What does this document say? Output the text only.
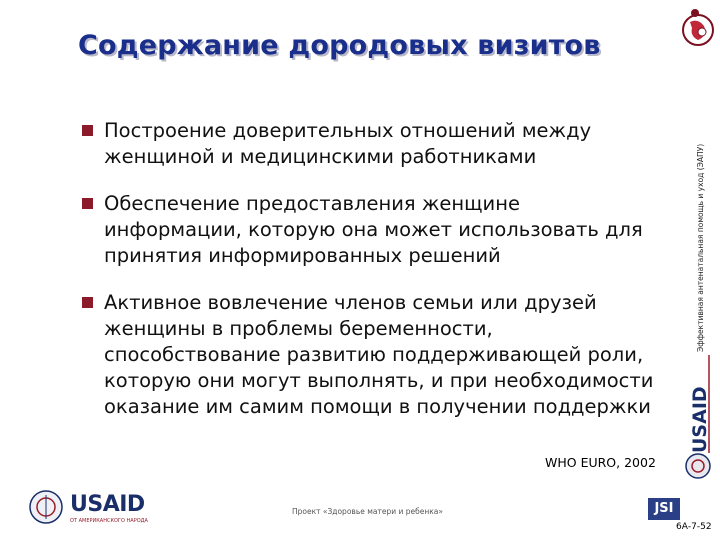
Содержание дородовых визитов
Построение доверительных отношений между женщиной и медицинскими работниками
Обеспечение предоставления женщине информации, которую она может использовать для принятия информированных решений
Активное вовлечение членов семьи или друзей женщины в проблемы беременности, способствование развитию поддерживающей роли, которую они могут выполнять, и при необходимости оказание им самим помощи в получении поддержки
Эффективная антенатальная помощь и уход (ЭАПУ)
USAID
WHO EURO, 2002
USAID
ОТ АМЕРИКАНСКОГО НАРОДА
Проект «Здоровье матери и ребенка»	JSI
6А-7-52
